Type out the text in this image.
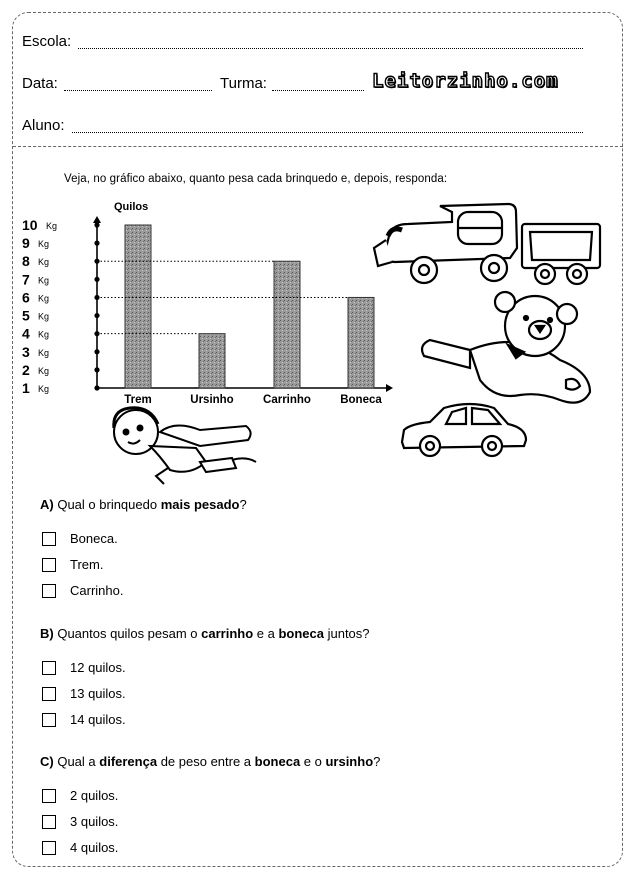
Escola:
Data:	Turma:	Leitorzinho.com
Aluno:
Veja, no gráfico abaixo, quanto pesa cada brinquedo e, depois, responda:
Quilos
1 Kg
2 Kg
3 Kg
4 Kg
5 Kg
6 Kg
7 Kg
8 Kg
9 Kg
10 Kg
Trem	Ursinho	Carrinho	Boneca
A) Qual o brinquedo mais pesado?
Boneca.
Trem.
Carrinho.
B) Quantos quilos pesam o carrinho e a boneca juntos?
12 quilos.
13 quilos.
14 quilos.
C) Qual a diferença de peso entre a boneca e o ursinho?
2 quilos.
3 quilos.
4 quilos.
